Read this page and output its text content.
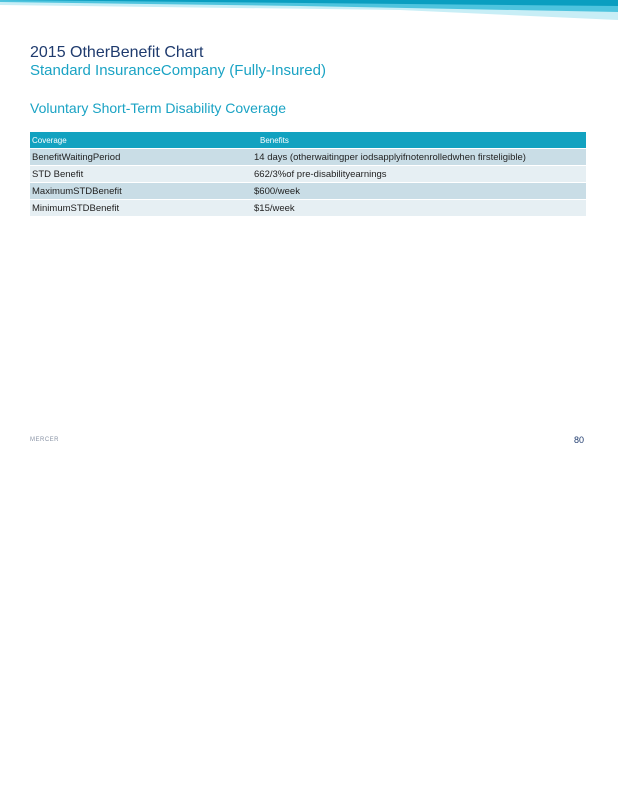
2015 OtherBenefit Chart
Standard InsuranceCompany (Fully-Insured)
Voluntary Short-Term Disability Coverage
Coverage	Benefits
BenefitWaitingPeriod	14 days (otherwaitingper iodsapplyifnotenrolledwhen firsteligible)
STD Benefit	662/3%of pre-disabilityearnings
MaximumSTDBenefit	$600/week
MinimumSTDBenefit	$15/week
MERCER	80
